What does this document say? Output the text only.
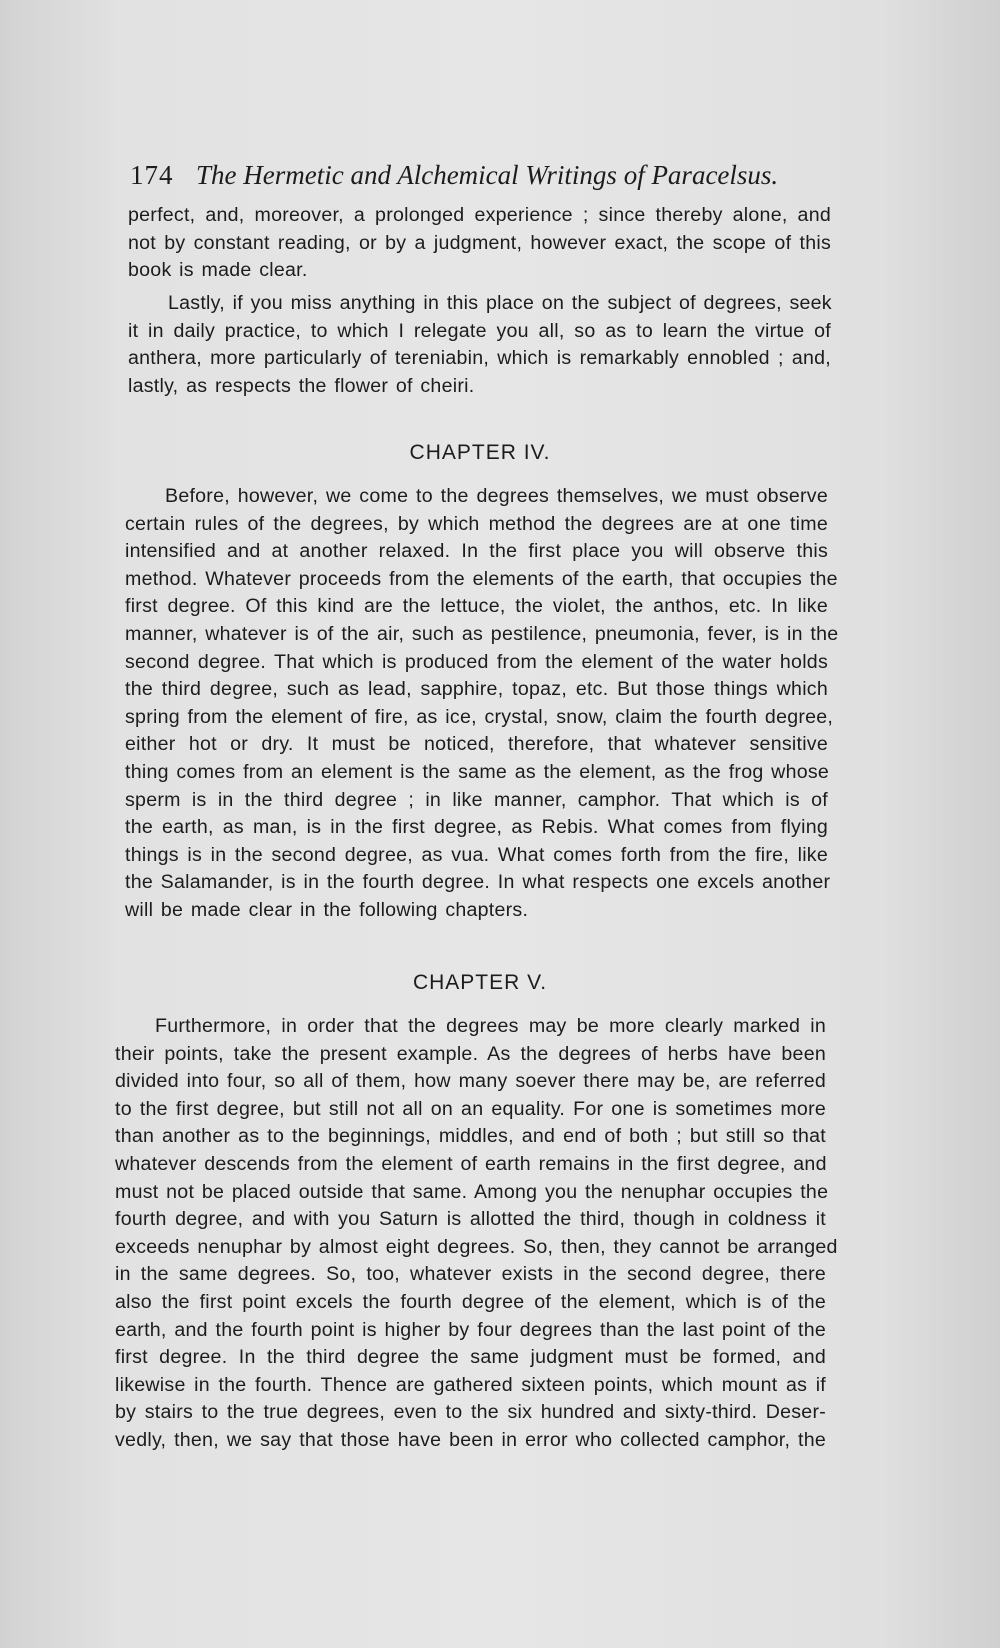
174 The Hermetic and Alchemical Writings of Paracelsus.
perfect, and, moreover, a prolonged experience ; since thereby alone, and
not by constant reading, or by a judgment, however exact, the scope of this
book is made clear.
Lastly, if you miss anything in this place on the subject of degrees, seek
it in daily practice, to which I relegate you all, so as to learn the virtue of
anthera, more particularly of tereniabin, which is remarkably ennobled ; and,
lastly, as respects the flower of cheiri.
CHAPTER IV.
Before, however, we come to the degrees themselves, we must observe
certain rules of the degrees, by which method the degrees are at one time
intensified and at another relaxed. In the first place you will observe this
method. Whatever proceeds from the elements of the earth, that occupies the
first degree. Of this kind are the lettuce, the violet, the anthos, etc. In like
manner, whatever is of the air, such as pestilence, pneumonia, fever, is in the
second degree. That which is produced from the element of the water holds
the third degree, such as lead, sapphire, topaz, etc. But those things which
spring from the element of fire, as ice, crystal, snow, claim the fourth degree,
either hot or dry. It must be noticed, therefore, that whatever sensitive
thing comes from an element is the same as the element, as the frog whose
sperm is in the third degree ; in like manner, camphor. That which is of
the earth, as man, is in the first degree, as Rebis. What comes from flying
things is in the second degree, as vua. What comes forth from the fire, like
the Salamander, is in the fourth degree. In what respects one excels another
will be made clear in the following chapters.
CHAPTER V.
Furthermore, in order that the degrees may be more clearly marked in
their points, take the present example. As the degrees of herbs have been
divided into four, so all of them, how many soever there may be, are referred
to the first degree, but still not all on an equality. For one is sometimes more
than another as to the beginnings, middles, and end of both ; but still so that
whatever descends from the element of earth remains in the first degree, and
must not be placed outside that same. Among you the nenuphar occupies the
fourth degree, and with you Saturn is allotted the third, though in coldness it
exceeds nenuphar by almost eight degrees. So, then, they cannot be arranged
in the same degrees. So, too, whatever exists in the second degree, there
also the first point excels the fourth degree of the element, which is of the
earth, and the fourth point is higher by four degrees than the last point of the
first degree. In the third degree the same judgment must be formed, and
likewise in the fourth. Thence are gathered sixteen points, which mount as if
by stairs to the true degrees, even to the six hundred and sixty-third. Deser-
vedly, then, we say that those have been in error who collected camphor, the
